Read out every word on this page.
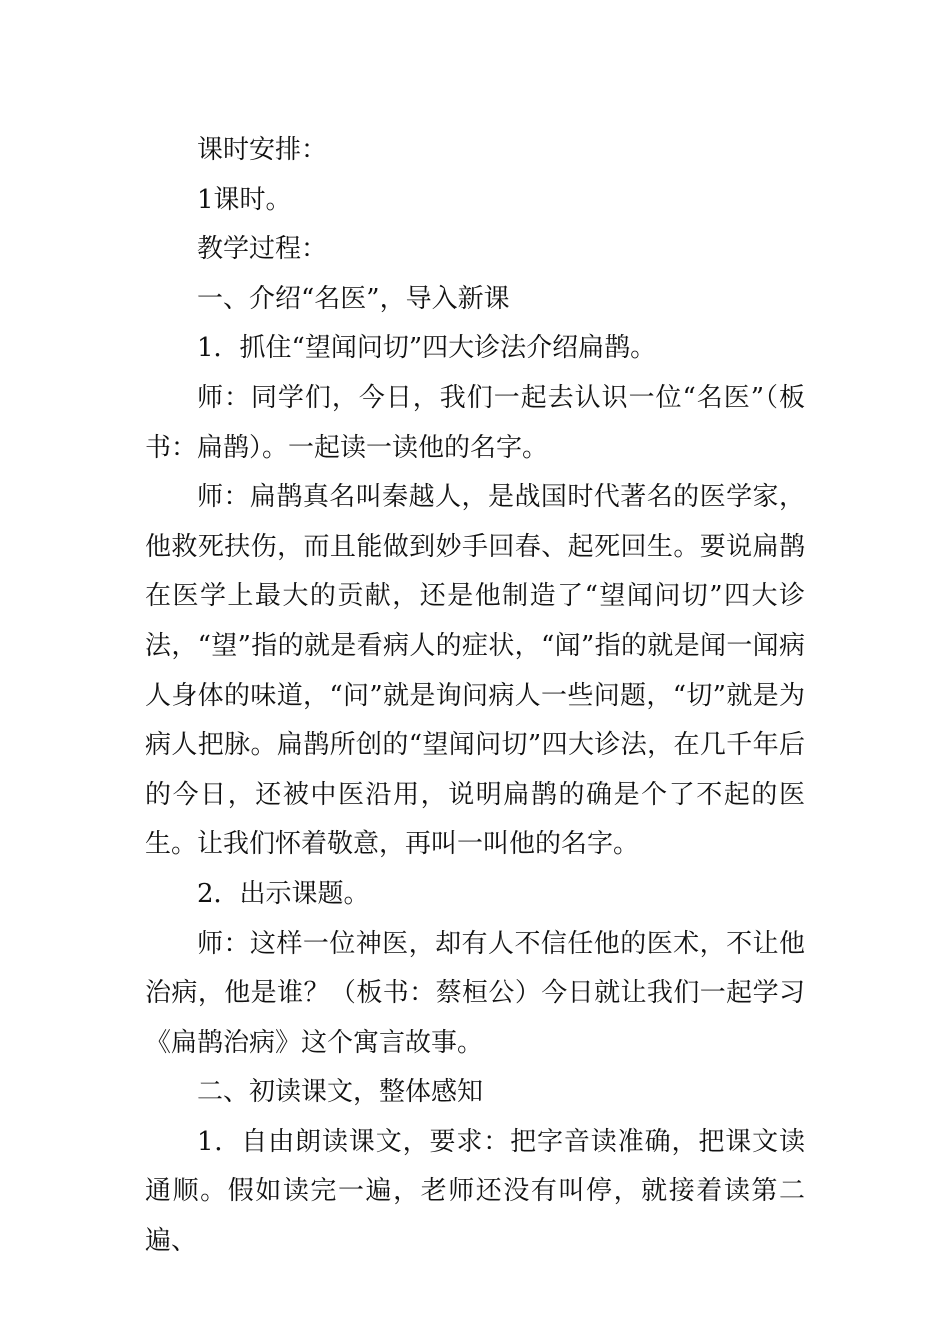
课时安排：

1课时。

教学过程：

一、介绍“名医”，导入新课

1．抓住“望闻问切”四大诊法介绍扁鹊。

师：同学们，今日，我们一起去认识一位“名医”（板书：扁鹊）。一起读一读他的名字。

师：扁鹊真名叫秦越人，是战国时代著名的医学家，他救死扶伤，而且能做到妙手回春、起死回生。要说扁鹊在医学上最大的贡献，还是他制造了“望闻问切”四大诊法，“望”指的就是看病人的症状，“闻”指的就是闻一闻病人身体的味道，“问”就是询问病人一些问题，“切”就是为病人把脉。扁鹊所创的“望闻问切”四大诊法，在几千年后的今日，还被中医沿用，说明扁鹊的确是个了不起的医生。让我们怀着敬意，再叫一叫他的名字。

2．出示课题。

师：这样一位神医，却有人不信任他的医术，不让他治病，他是谁？（板书：蔡桓公）今日就让我们一起学习《扁鹊治病》这个寓言故事。

二、初读课文，整体感知

1．自由朗读课文，要求：把字音读准确，把课文读通顺。假如读完一遍，老师还没有叫停，就接着读第二遍、
